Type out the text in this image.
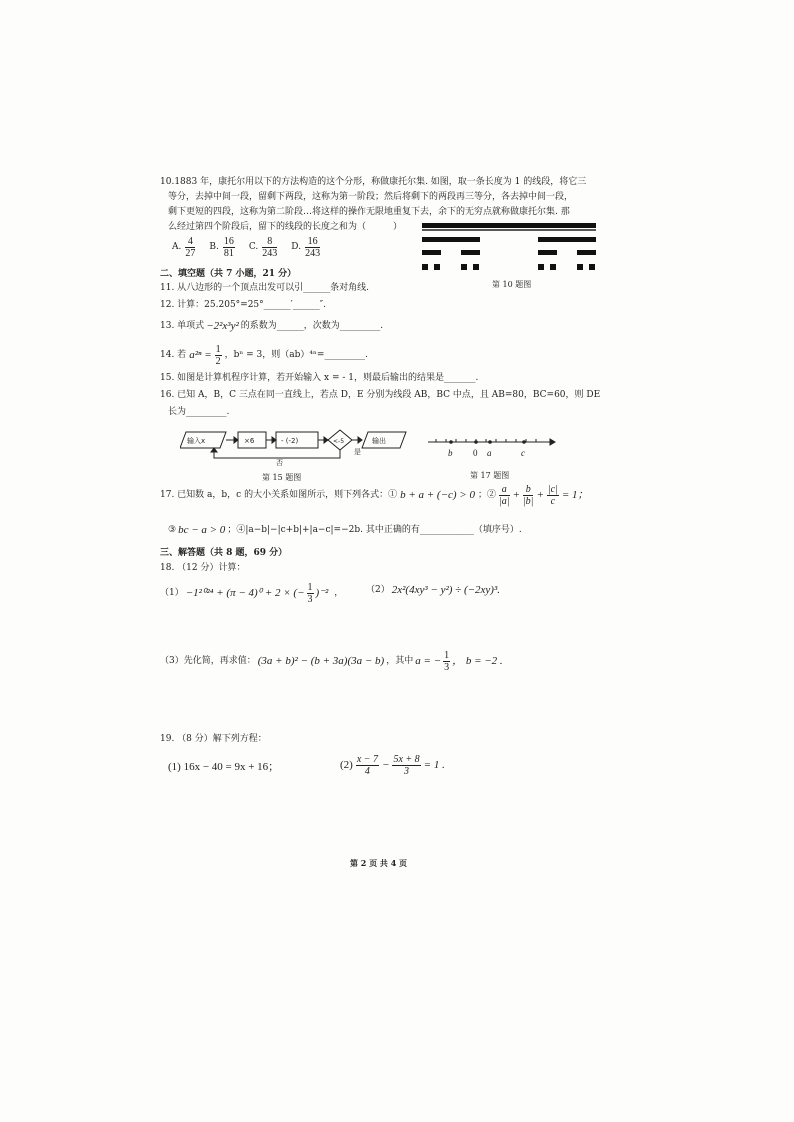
10.1883 年，康托尔用以下的方法构造的这个分形，称做康托尔集. 如图，取一条长度为 1 的线段，将它三
等分，去掉中间一段，留剩下两段，这称为第一阶段；然后将剩下的两段再三等分，各去掉中间一段，
剩下更短的四段，这称为第二阶段…将这样的操作无限地重复下去，余下的无穷点就称做康托尔集. 那
么经过第四个阶段后，留下的线段的长度之和为（　　　）
A. $\frac{4}{27} B$. $\frac{16}{81} C$. $\frac{8}{243} D$. $\frac{16}{243}$
第 10 题图
二、填空题（共 7 小题，21 分）
11. 从八边形的一个顶点出发可以引______条对角线.
12. 计算：25.205°=25°______′______″.
13. 单项式 −2²x³y² 的系数为______，次数为_________.
14. 若 $a^{2n} = \frac{1}{2}$ ，bⁿ = 3，则（ab）⁴ⁿ=_________.
15. 如图是计算机程序计算，若开始输入 x = - 1，则最后输出的结果是_______.
16. 已知 A，B，C 三点在同一直线上，若点 D，E 分别为线段 AB，BC 中点，且 AB=80，BC=60，则 DE
长为_________.
输入x	×6	- (-2)	<-5
是
输出
否
第 15 题图
b 0 a	c
第 17 题图
17. 已知数 a，b，c 的大小关系如图所示，则下列各式：① b + a + (−c) > 0 ；② $\frac{a}{|a|} + \frac{b}{|b|} + \frac{|c|}{c} = 1$；
③ bc − a > 0 ；④|a−b|−|c+b|+|a−c|=−2b. 其中正确的有____________（填序号）.
三、解答题（共 8 题，69 分）
18. （12 分）计算：
（1） −1²⁰²⁴ + (π − 4)⁰ + 2 × (− $\frac{1}{3} )^{-2}$ ，	（2） 2x²(4xy³ − y²) ÷ (−2xy)³.
（3）先化简，再求值： (3a + b)² − (b + 3a)(3a − b) ，其中 a = − $\frac{1}{3}$ ， b = −2 .
19. （8 分）解下列方程：
(1) 16x − 40 = 9x + 16；	$(2) \frac{x - 7}{4} - \frac{5x + 8}{3} = 1$ .
第 2 页 共 4 页
